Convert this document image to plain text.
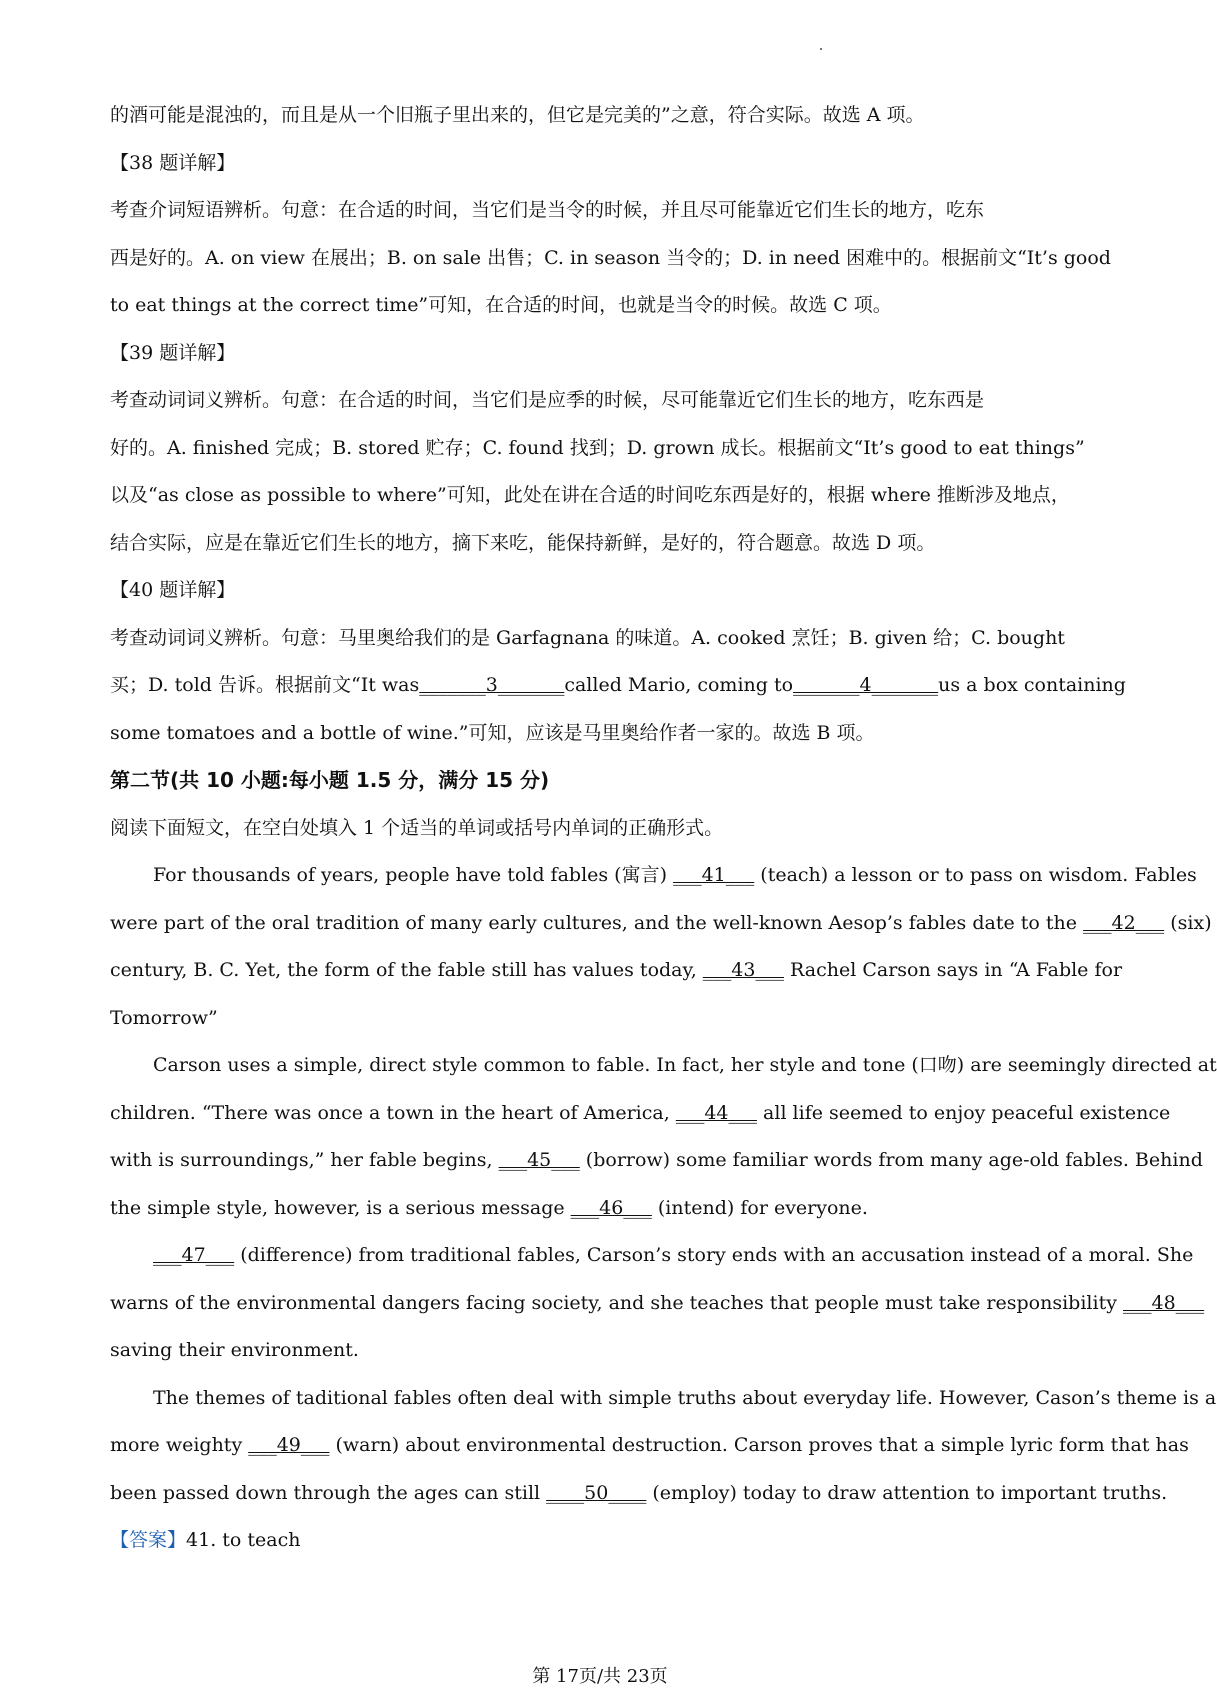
的酒可能是混浊的，而且是从一个旧瓶子里出来的，但它是完美的”之意，符合实际。故选 A 项。

【38 题详解】

考查介词短语辨析。句意：在合适的时间，当它们是当令的时候，并且尽可能靠近它们生长的地方，吃东

西是好的。A. on view 在展出；B. on sale 出售；C. in season 当令的；D. in need 困难中的。根据前文“It’s good

to eat things at the correct time”可知，在合适的时间，也就是当令的时候。故选 C 项。

【39 题详解】

考查动词词义辨析。句意：在合适的时间，当它们是应季的时候，尽可能靠近它们生长的地方，吃东西是

好的。A. finished 完成；B. stored 贮存；C. found 找到；D. grown 成长。根据前文“It’s good to eat things”

以及“as close as possible to where”可知，此处在讲在合适的时间吃东西是好的，根据 where 推断涉及地点，

结合实际，应是在靠近它们生长的地方，摘下来吃，能保持新鲜，是好的，符合题意。故选 D 项。

【40 题详解】

考查动词词义辨析。句意：马里奥给我们的是 Garfagnana 的味道。A. cooked 烹饪；B. given 给；C. bought

买；D. told 告诉。根据前文“It was_______3_______called Mario, coming to_______4_______us a box containing

some tomatoes and a bottle of wine.”可知，应该是马里奥给作者一家的。故选 B 项。

第二节(共 10 小题:每小题 1.5 分，满分 15 分)

阅读下面短文，在空白处填入 1 个适当的单词或括号内单词的正确形式。

For thousands of years, people have told fables (寓言) ___41___ (teach) a lesson or to pass on wisdom. Fables

were part of the oral tradition of many early cultures, and the well-known Aesop’s fables date to the ___42___ (six)

century, B. C. Yet, the form of the fable still has values today, ___43___ Rachel Carson says in “A Fable for

Tomorrow”

Carson uses a simple, direct style common to fable. In fact, her style and tone (口吻) are seemingly directed at

children. “There was once a town in the heart of America, ___44___ all life seemed to enjoy peaceful existence

with is surroundings,” her fable begins, ___45___ (borrow) some familiar words from many age-old fables. Behind

the simple style, however, is a serious message ___46___ (intend) for everyone.

___47___ (difference) from traditional fables, Carson’s story ends with an accusation instead of a moral. She

warns of the environmental dangers facing society, and she teaches that people must take responsibility ___48___

saving their environment.

The themes of taditional fables often deal with simple truths about everyday life. However, Cason’s theme is a

more weighty ___49___ (warn) about environmental destruction. Carson proves that a simple lyric form that has

been passed down through the ages can still ____50____ (employ) today to draw attention to important truths.

【答案】41. to teach

第 17页/共 23页
